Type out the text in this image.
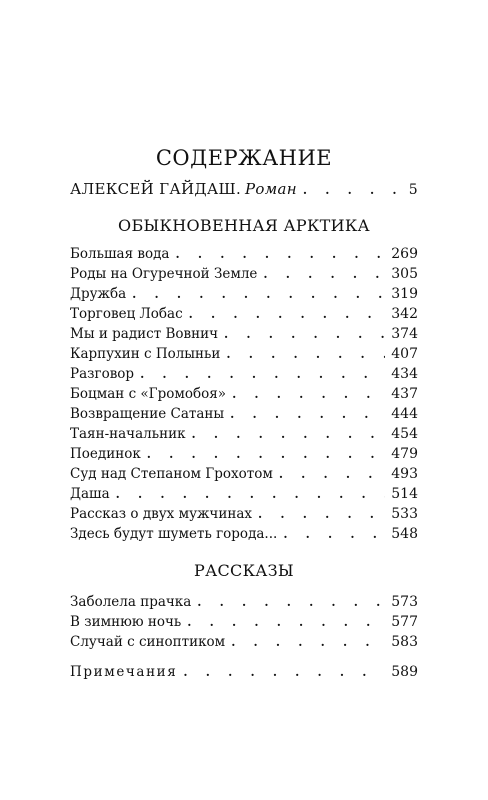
СОДЕРЖАНИЕ
АЛЕКСЕЙ ГАЙДАШ. Роман . . .	5
ОБЫКНОВЕННАЯ АРКТИКА
Большая вода . . .	269
Роды на Огуречной Земле . . .	305
Дружба . . .	319
Торговец Лобас . . .	342
Мы и радист Вовнич . . .	374
Карпухин с Полыньи . . .	407
Разговор . . .	434
Боцман с «Громобоя» . . .	437
Возвращение Сатаны . . .	444
Таян-начальник . . .	454
Поединок . . .	479
Суд над Степаном Грохотом . . .	493
Даша . . .	514
Рассказ о двух мужчинах . . .	533
Здесь будут шуметь города... . . .	548
РАССКАЗЫ
Заболела прачка . . .	573
В зимнюю ночь . . .	577
Случай с синоптиком . . .	583
Примечания . . .	589
